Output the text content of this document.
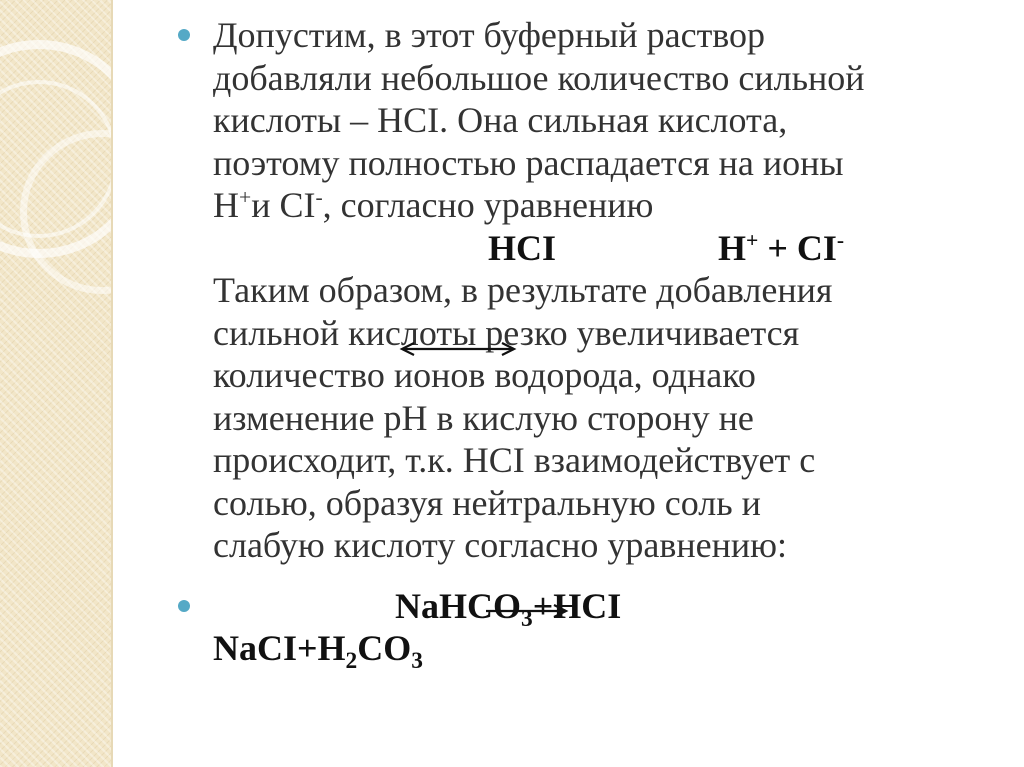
Допустим, в этот буферный раствор
добавляли небольшое количество сильной
кислоты – НСI. Она сильная кислота,
поэтому полностью распадается на ионы
H+и CI-, согласно уравнению
HCI	H+ + CI-
Таким образом, в результате добавления
сильной кислоты резко увеличивается
количество ионов водорода, однако
изменение рН в кислую сторону не
происходит, т.к. НСI взаимодействует с
солью, образуя нейтральную соль и
слабую кислоту согласно уравнению:
NaHCO$_3$+HCI
$NaCI+H_2CO_3$
